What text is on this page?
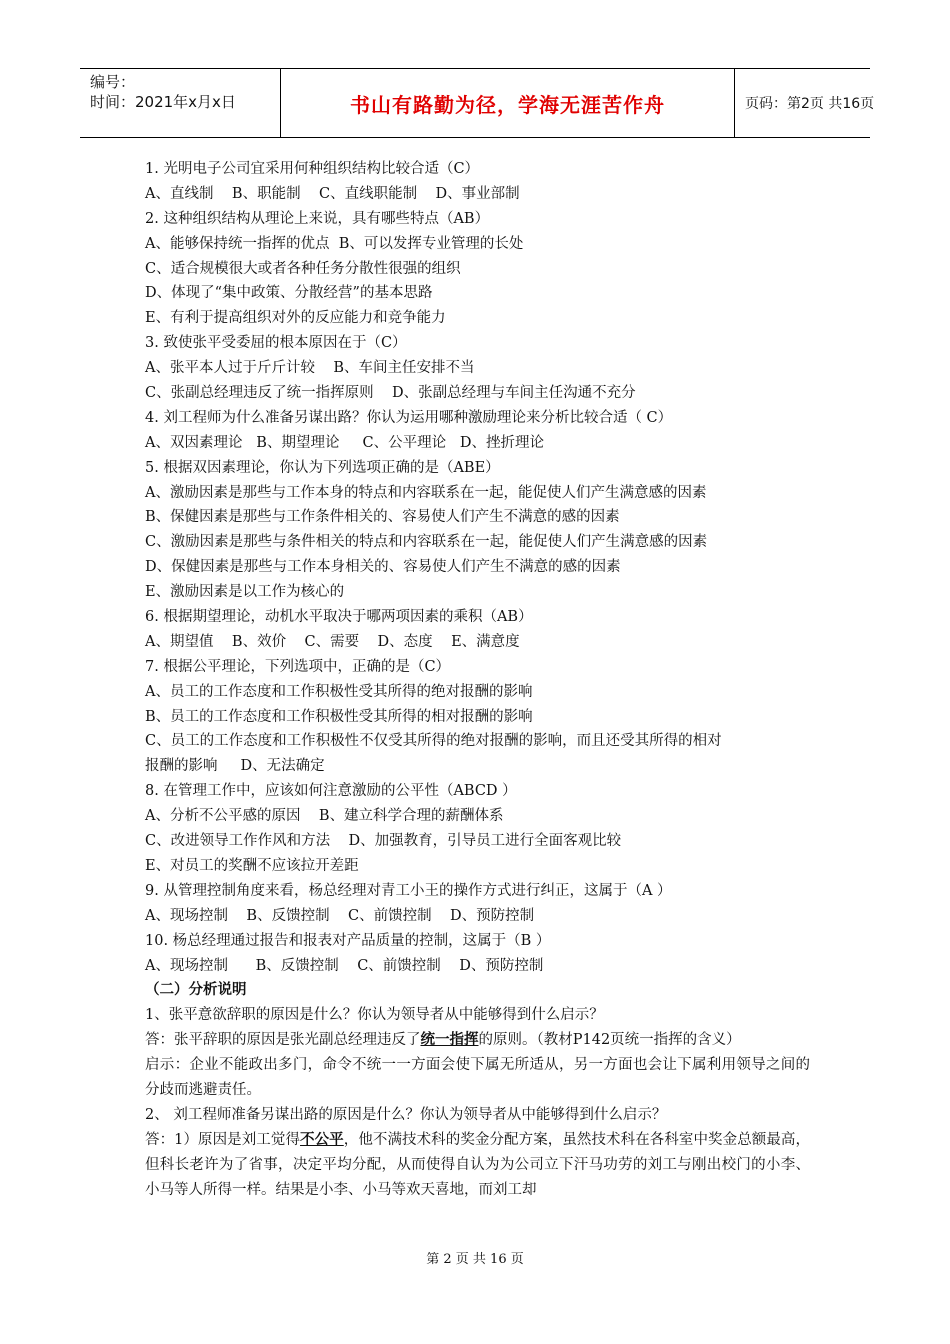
编号：
时间：2021年x月x日	书山有路勤为径，学海无涯苦作舟	页码：第2页 共16页
1. 光明电子公司宜采用何种组织结构比较合适（C）
A、直线制    B、职能制    C、直线职能制    D、事业部制
2. 这种组织结构从理论上来说，具有哪些特点（AB）
A、能够保持统一指挥的优点  B、可以发挥专业管理的长处
C、适合规模很大或者各种任务分散性很强的组织
D、体现了“集中政策、分散经营”的基本思路
E、有利于提高组织对外的反应能力和竞争能力
3. 致使张平受委屈的根本原因在于（C）
A、张平本人过于斤斤计较    B、车间主任安排不当
C、张副总经理违反了统一指挥原则    D、张副总经理与车间主任沟通不充分
4. 刘工程师为什么准备另谋出路？你认为运用哪种激励理论来分析比较合适（ C）
A、双因素理论   B、期望理论     C、公平理论   D、挫折理论
5. 根据双因素理论，你认为下列选项正确的是（ABE）
A、激励因素是那些与工作本身的特点和内容联系在一起，能促使人们产生满意感的因素
B、保健因素是那些与工作条件相关的、容易使人们产生不满意的感的因素
C、激励因素是那些与条件相关的特点和内容联系在一起，能促使人们产生满意感的因素
D、保健因素是那些与工作本身相关的、容易使人们产生不满意的感的因素
E、激励因素是以工作为核心的
6. 根据期望理论，动机水平取决于哪两项因素的乘积（AB）
A、期望值    B、效价    C、需要    D、态度    E、满意度
7. 根据公平理论，下列选项中，正确的是（C）
A、员工的工作态度和工作积极性受其所得的绝对报酬的影响
B、员工的工作态度和工作积极性受其所得的相对报酬的影响
C、员工的工作态度和工作积极性不仅受其所得的绝对报酬的影响，而且还受其所得的相对
报酬的影响     D、无法确定
8. 在管理工作中，应该如何注意激励的公平性（ABCD ）
A、分析不公平感的原因    B、建立科学合理的薪酬体系
C、改进领导工作作风和方法    D、加强教育，引导员工进行全面客观比较
E、对员工的奖酬不应该拉开差距
9. 从管理控制角度来看，杨总经理对青工小王的操作方式进行纠正，这属于（A ）
A、现场控制    B、反馈控制    C、前馈控制    D、预防控制
10. 杨总经理通过报告和报表对产品质量的控制，这属于（B ）
A、现场控制      B、反馈控制    C、前馈控制    D、预防控制
（二）分析说明
1、张平意欲辞职的原因是什么？你认为领导者从中能够得到什么启示？
答：张平辞职的原因是张光副总经理违反了统一指挥的原则。（教材P142页统一指挥的含义）
启示：企业不能政出多门，命令不统一一方面会使下属无所适从，另一方面也会让下属利用领导之间的分歧而逃避责任。
2、 刘工程师准备另谋出路的原因是什么？你认为领导者从中能够得到什么启示？
答：1）原因是刘工觉得不公平，他不满技术科的奖金分配方案，虽然技术科在各科室中奖金总额最高，但科长老许为了省事，决定平均分配，从而使得自认为为公司立下汗马功劳的刘工与刚出校门的小李、小马等人所得一样。结果是小李、小马等欢天喜地，而刘工却
第 2 页 共 16 页
